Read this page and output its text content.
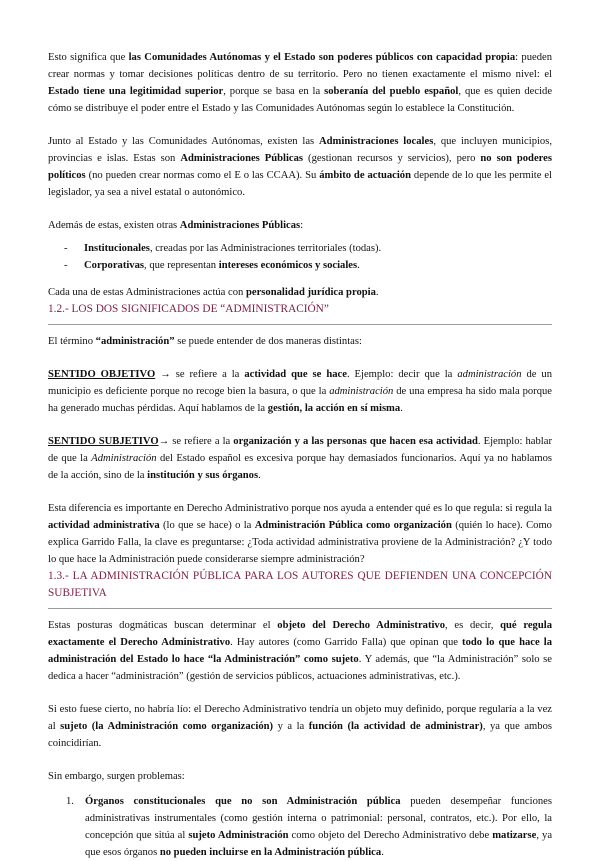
Esto significa que las Comunidades Autónomas y el Estado son poderes públicos con capacidad propia: pueden crear normas y tomar decisiones políticas dentro de su territorio. Pero no tienen exactamente el mismo nivel: el Estado tiene una legitimidad superior, porque se basa en la soberanía del pueblo español, que es quien decide cómo se distribuye el poder entre el Estado y las Comunidades Autónomas según lo establece la Constitución.

Junto al Estado y las Comunidades Autónomas, existen las Administraciones locales, que incluyen municipios, provincias e islas. Estas son Administraciones Públicas (gestionan recursos y servicios), pero no son poderes políticos (no pueden crear normas como el E o las CCAA). Su ámbito de actuación depende de lo que les permite el legislador, ya sea a nivel estatal o autonómico.

Además de estas, existen otras Administraciones Públicas:

- Institucionales, creadas por las Administraciones territoriales (todas).
- Corporativas, que representan intereses económicos y sociales.

Cada una de estas Administraciones actúa con personalidad jurídica propia.

1.2.- LOS DOS SIGNIFICADOS DE “ADMINISTRACIÓN”

El término “administración” se puede entender de dos maneras distintas:

SENTIDO OBJETIVO → se refiere a la actividad que se hace. Ejemplo: decir que la administración de un municipio es deficiente porque no recoge bien la basura, o que la administración de una empresa ha sido mala porque ha generado muchas pérdidas. Aquí hablamos de la gestión, la acción en sí misma.

SENTIDO SUBJETIVO→ se refiere a la organización y a las personas que hacen esa actividad. Ejemplo: hablar de que la Administración del Estado español es excesiva porque hay demasiados funcionarios. Aquí ya no hablamos de la acción, sino de la institución y sus órganos.

Esta diferencia es importante en Derecho Administrativo porque nos ayuda a entender qué es lo que regula: si regula la actividad administrativa (lo que se hace) o la Administración Pública como organización (quién lo hace). Como explica Garrido Falla, la clave es preguntarse: ¿Toda actividad administrativa proviene de la Administración? ¿Y todo lo que hace la Administración puede considerarse siempre administración?

1.3.- LA ADMINISTRACIÓN PÚBLICA PARA LOS AUTORES QUE DEFIENDEN UNA CONCEPCIÓN SUBJETIVA

Estas posturas dogmáticas buscan determinar el objeto del Derecho Administrativo, es decir, qué regula exactamente el Derecho Administrativo. Hay autores (como Garrido Falla) que opinan que todo lo que hace la administración del Estado lo hace “la Administración” como sujeto. Y además, que “la Administración” solo se dedica a hacer “administración” (gestión de servicios públicos, actuaciones administrativas, etc.).

Si esto fuese cierto, no habría lío: el Derecho Administrativo tendría un objeto muy definido, porque regularía a la vez al sujeto (la Administración como organización) y a la función (la actividad de administrar), ya que ambos coincidirían.

Sin embargo, surgen problemas:

1. Órganos constitucionales que no son Administración pública pueden desempeñar funciones administrativas instrumentales (como gestión interna o patrimonial: personal, contratos, etc.). Por ello, la concepción que sitúa al sujeto Administración como objeto del Derecho Administrativo debe matizarse, ya que esos órganos no pueden incluirse en la Administración pública.
